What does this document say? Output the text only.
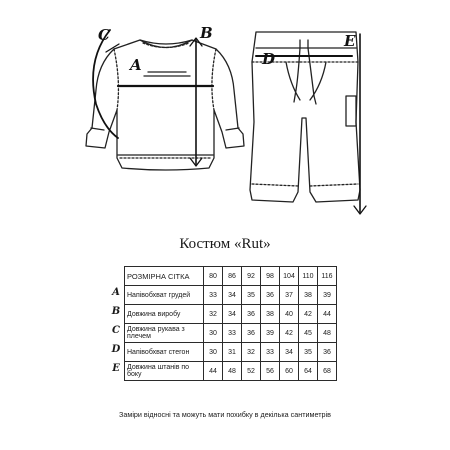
C	B
A
E
D
Костюм «Rut»
A
B
C
D
E
РОЗМІРНА СІТКА	80	86	92	98	104	110	116
Напівобхват грудей	33	34	35	36	37	38	39
Довжина виробу	32	34	36	38	40	42	44
Довжина рукава з плечем	30	33	36	39	42	45	48
Напівобхват стегон	30	31	32	33	34	35	36
Довжина штанів по боку	44	48	52	56	60	64	68
Заміри відносні та можуть мати похибку в декілька сантиметрів
